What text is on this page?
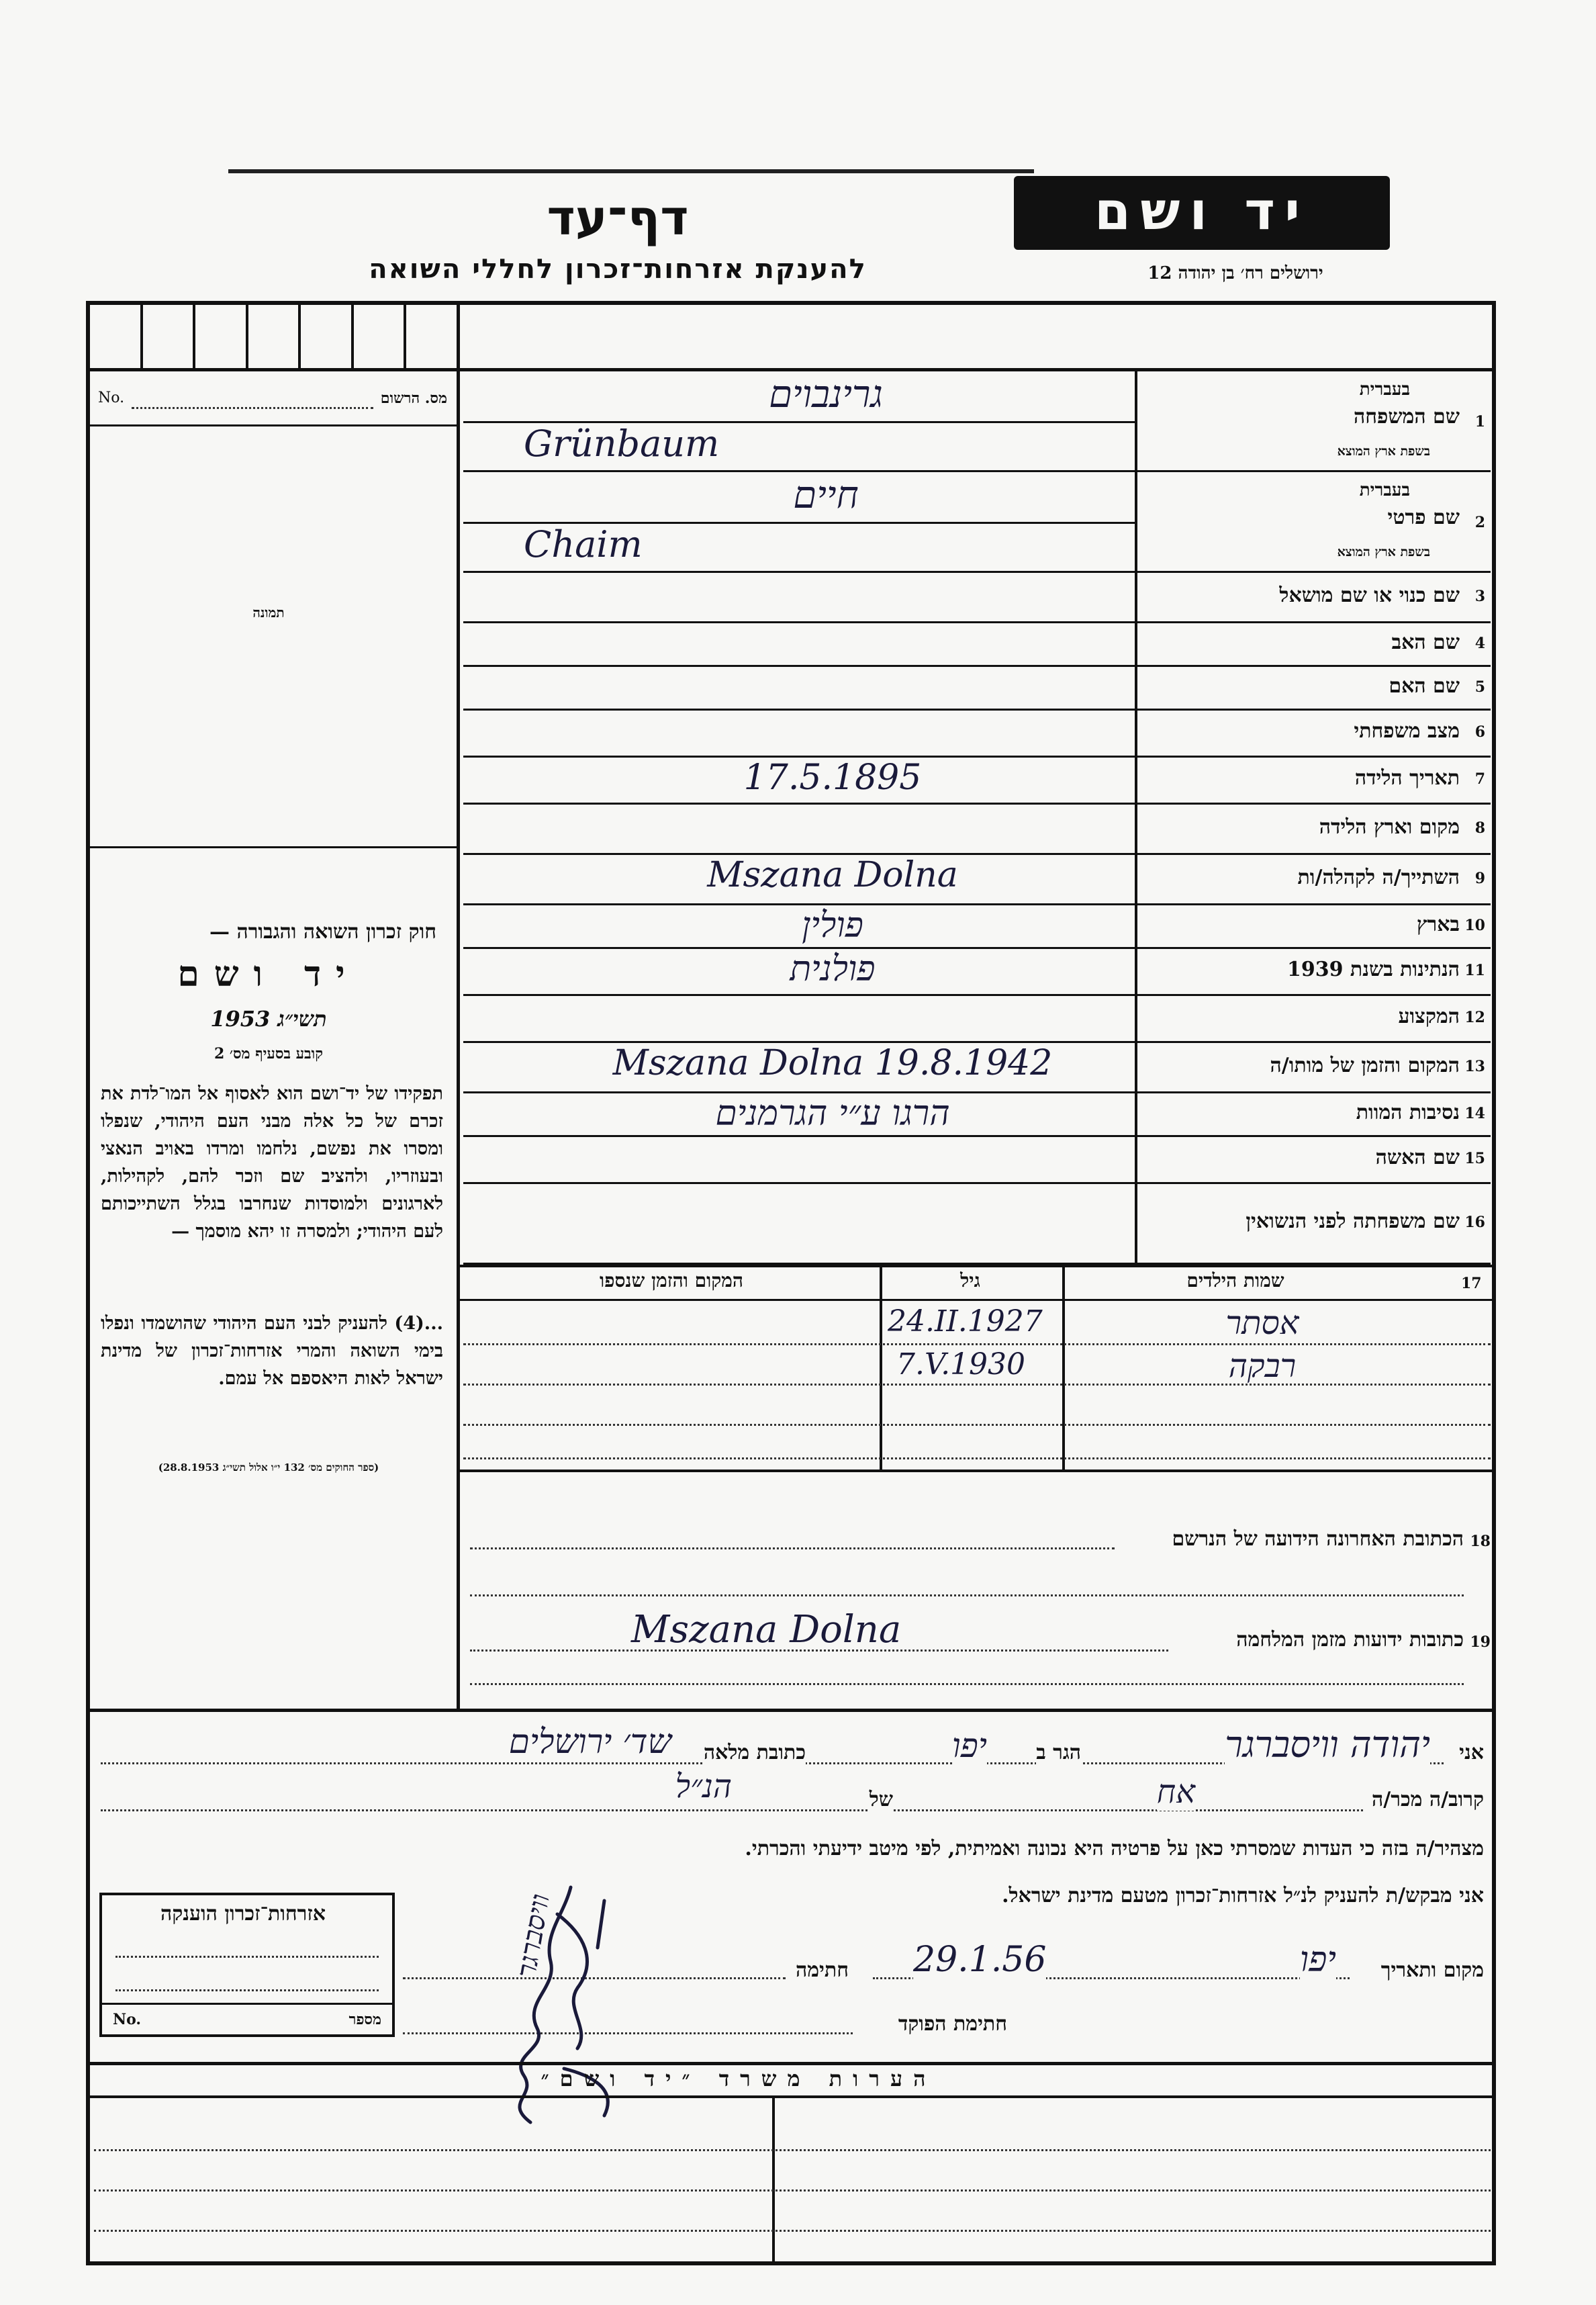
יד ושם
ירושלים רח׳ בן יהודה 12
דף־עד
להענקת אזרחות־זכרון לחללי השואה
No.	מס. הרשום
תמונה
חוק זכרון השואה והגבורה —
יד ושם
תשי״ג 1953
קובע בסעיף מס׳ 2
תפקידו של יד־ושם הוא לאסוף אל המו־לדת את זכרם של כל אלה מבני העם היהודי, שנפלו ומסרו את נפשם, נלחמו ומרדו באויב הנאצי ובעוזריו, ולהציב שם וזכר להם, לקהילות, לארגונים ולמוסדות שנחרבו בגלל השתייכותם לעם היהודי; ולמסרה זו יהא מוסמך —
...(4) להעניק לבני העם היהודי שהושמדו ונפלו בימי השואה והמרי אזרחות־זכרון של מדינת ישראל לאות היאספם אל עמם.
(ספר החוקים מס׳ 132 י״ו אלול תשי״ג 28.8.1953)
1
שם המשפחה
בעברית
בשפת ארץ המוצא
גרינבוים
Grünbaum
2
שם פרטי
בעברית
בשפת ארץ המוצא
חיים
Chaim
3
שם כנוי או שם מושאל
4
שם האב
5
שם האם
6
מצב משפחתי
7
תאריך הלידה
17.5.1895
8
מקום וארץ הלידה
9
השתייך/ה לקהלה/ות
Mszana Dolna
10
בארץ
פולין
11
הנתינות בשנת 1939
פולנית
12
המקצוע
13
המקום והזמן של מותו/ה
Mszana Dolna 19.8.1942
14
נסיבות המוות
הרגו ע״י הגרמנים
15
שם האשה
16
שם משפחתה לפני הנשואין
17
שמות הילדים
גיל
המקום והזמן שנספו
אסתר
24.II.1927
רבקה
7.V.1930
18
הכתובת האחרונה הידועה של הנרשם
19
כתובות ידועות מזמן המלחמה
Mszana Dolna
אני
יהודה וויסברגר
הגר ב
יפו
כתובת מלאה
שד׳ ירושלים
קרוב/ה מכר/ה
אח
של
הנ״ל
מצהיר/ה בזה כי העדות שמסרתי כאן על פרטיה היא נכונה ואמיתית, לפי מיטב ידיעתי והכרתי.
אני מבקש/ת להעניק לנ״ל אזרחות־זכרון מטעם מדינת ישראל.
מקום ותאריך
יפו
29.1.56
חתימה
חתימת הפוקד
וויסברגר
אזרחות־זכרון הוענקה
No.	מספר
הערות משרד ״יד ושם״
